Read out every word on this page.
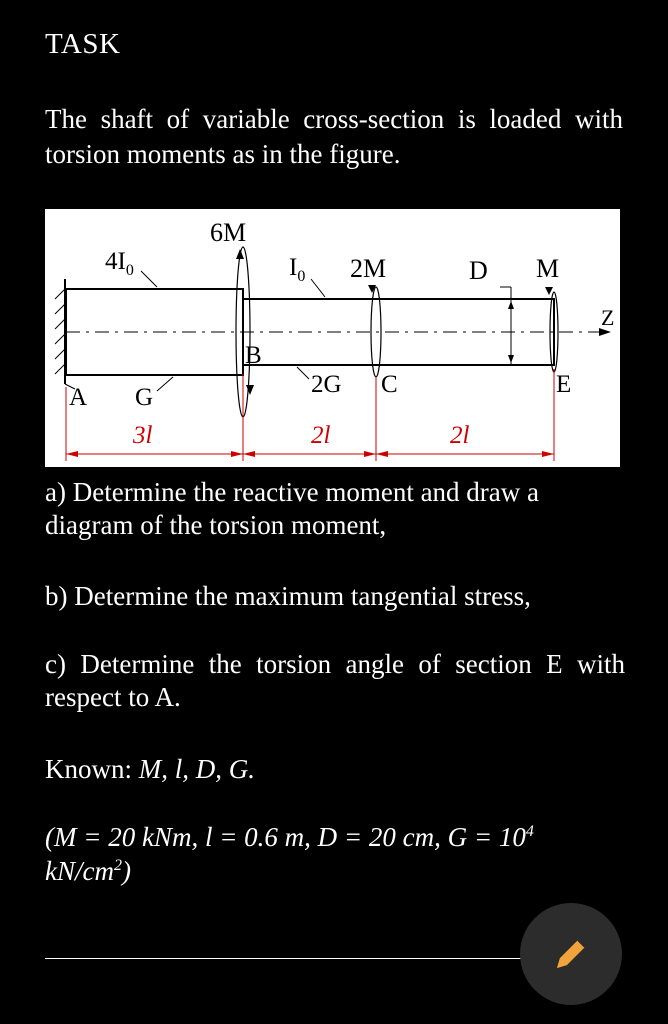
TASK
The shaft of variable cross-section is loaded with torsion moments as in the figure.
Z
D
6M
2M	M
$4I_0$	$I_0$
A G
B
2G C	E
3l	2l	2l
a) Determine the reactive moment and draw a diagram of the torsion moment,
b) Determine the maximum tangential stress,
c) Determine the torsion angle of section E with respect to A.
Known: M, l, D, G.
(M = 20 kNm, l = 0.6 m, D = 20 cm, $G = 10^4$
$kN/cm^2$)
